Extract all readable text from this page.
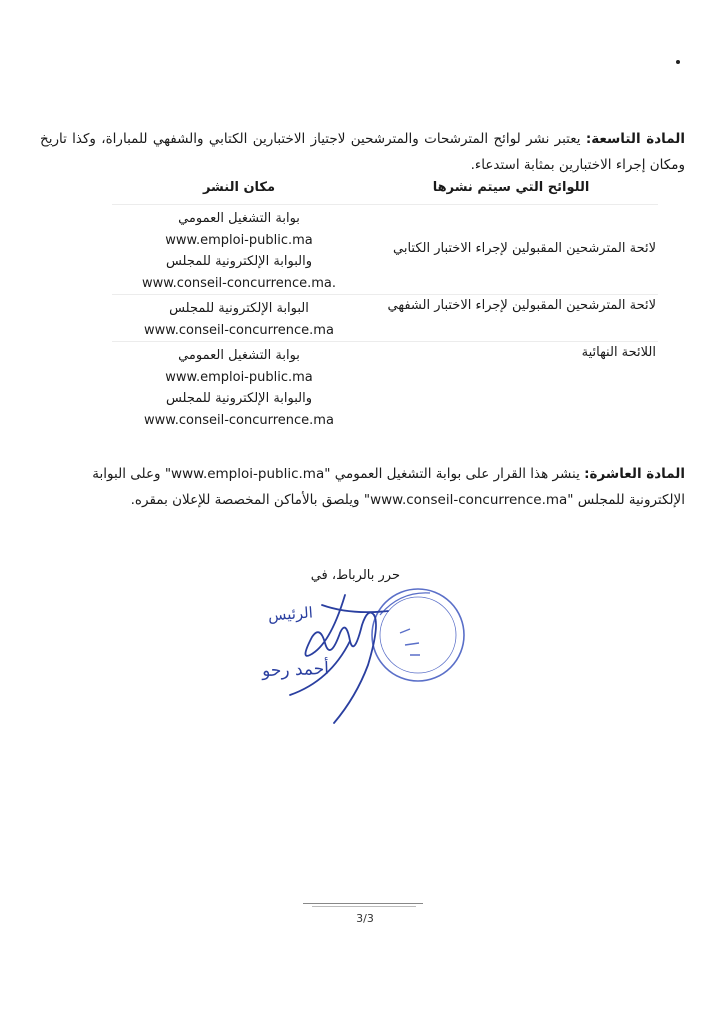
المادة التاسعة: يعتبر نشر لوائح المترشحات والمترشحين لاجتياز الاختبارين الكتابي والشفهي للمباراة، وكذا تاريخ ومكان إجراء الاختبارين بمثابة استدعاء.
اللوائح التي سيتم نشرها	مكان النشر
لائحة المترشحين المقبولين لإجراء الاختبار الكتابي	بوابة التشغيل العمومي
www.emploi-public.ma
والبوابة الإلكترونية للمجلس
www.conseil-concurrence.ma.

لائحة المترشحين المقبولين لإجراء الاختبار الشفهي	البوابة الإلكترونية للمجلس
www.conseil-concurrence.ma

اللائحة النهائية	بوابة التشغيل العمومي
www.emploi-public.ma
والبوابة الإلكترونية للمجلس
www.conseil-concurrence.ma
المادة العاشرة: ينشر هذا القرار على بوابة التشغيل العمومي "www.emploi-public.ma" وعلى البوابة الإلكترونية للمجلس "www.conseil-concurrence.ma" ويلصق بالأماكن المخصصة للإعلان بمقره.
حرر بالرباط، في
الرئيس
أحمد رحو
3/3
